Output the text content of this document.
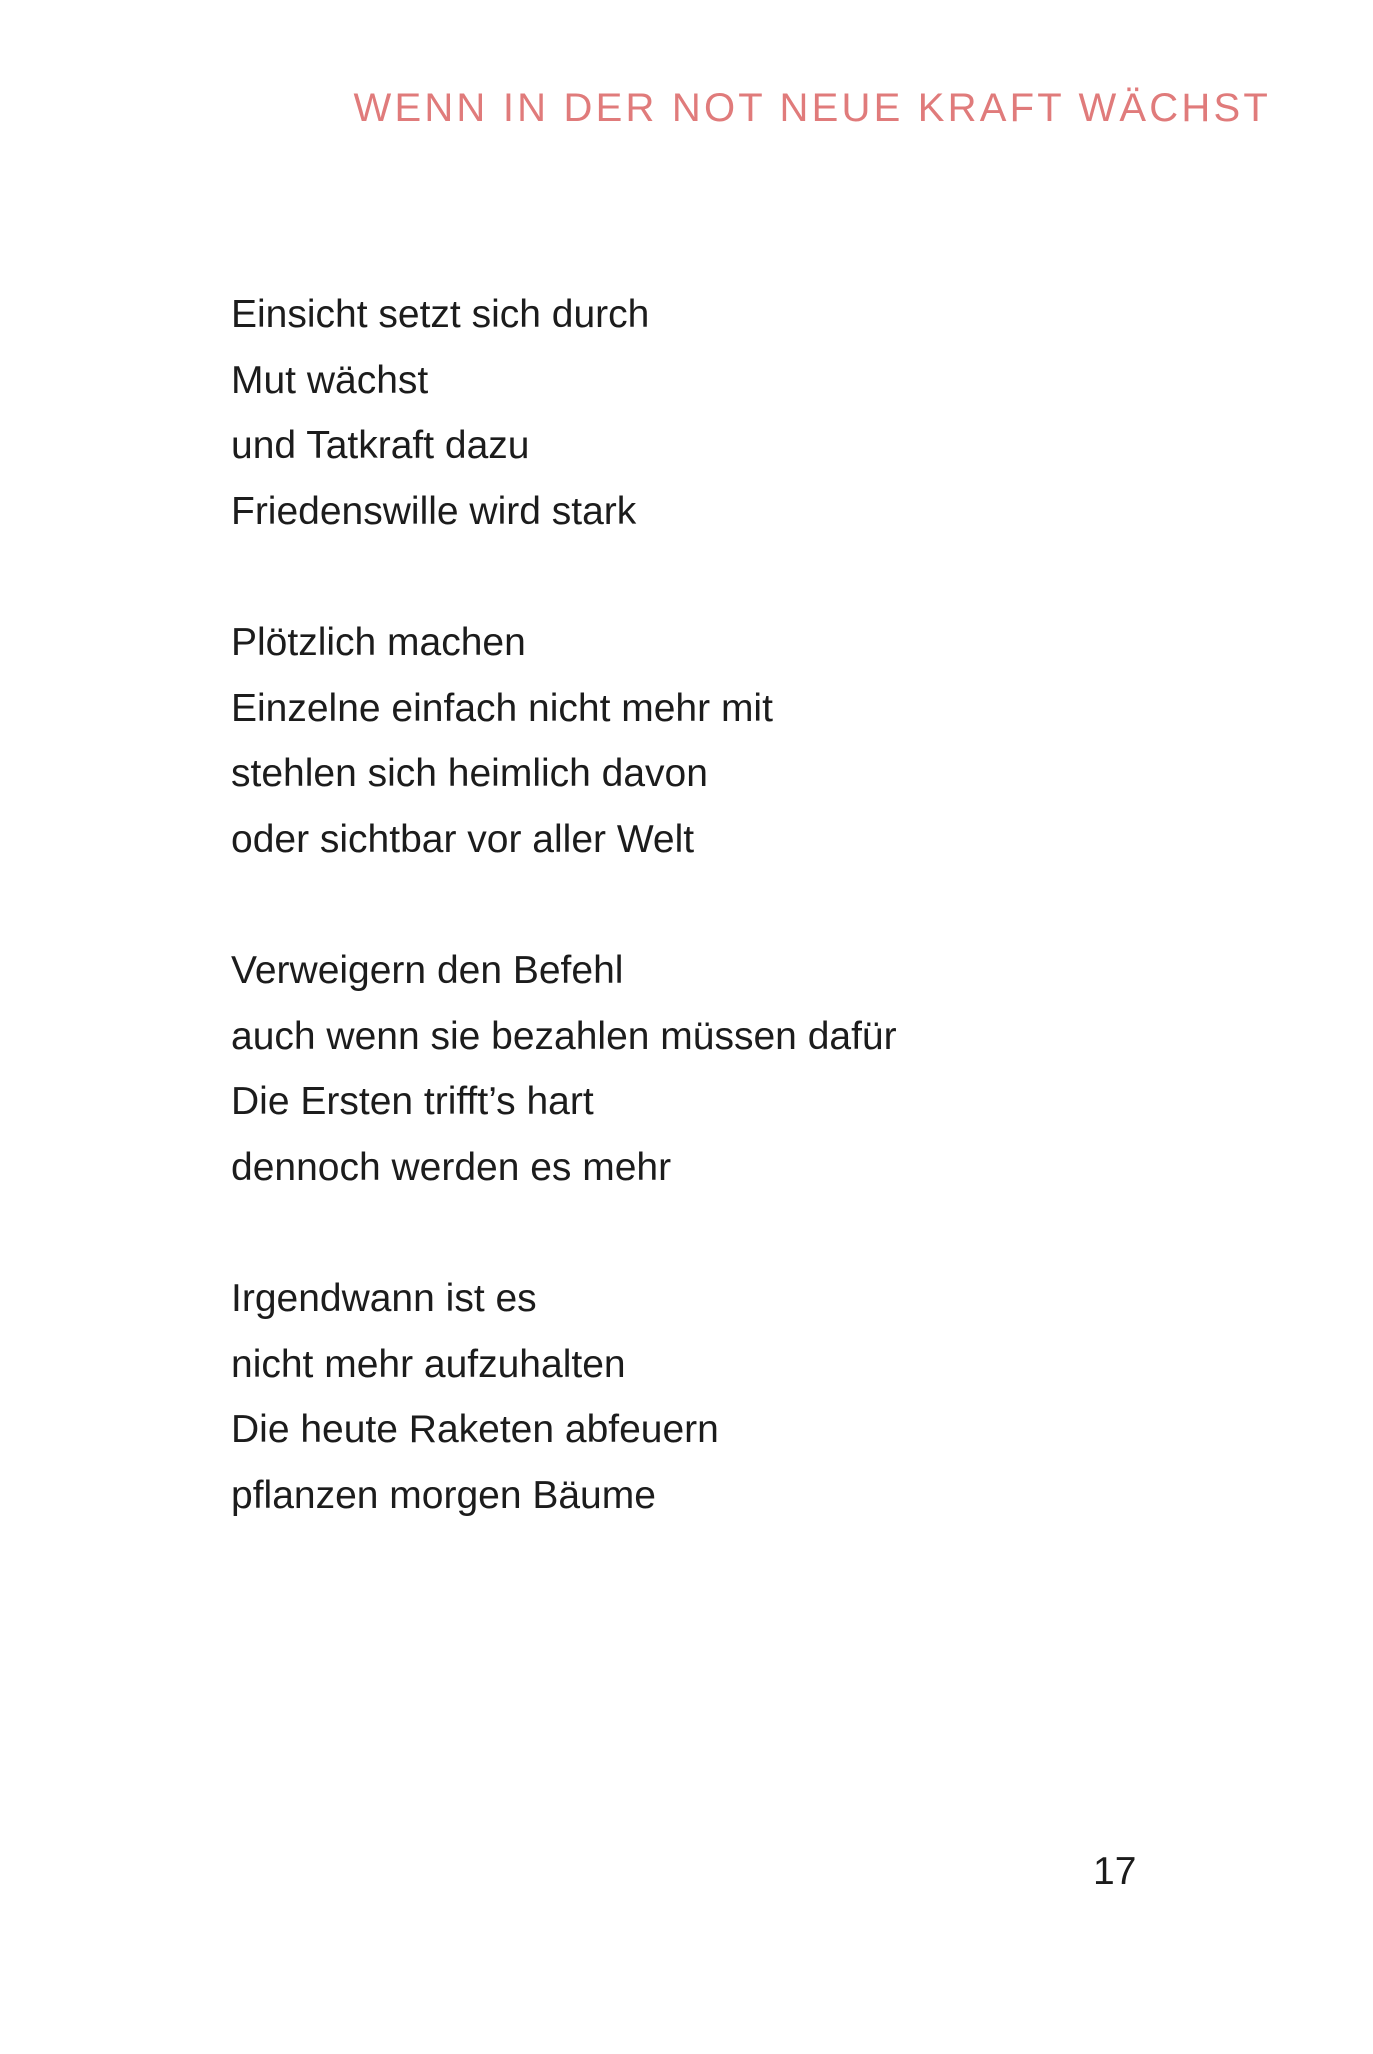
WENN IN DER NOT NEUE KRAFT WÄCHST
Einsicht setzt sich durch
Mut wächst
und Tatkraft dazu
Friedenswille wird stark
Plötzlich machen
Einzelne einfach nicht mehr mit
stehlen sich heimlich davon
oder sichtbar vor aller Welt
Verweigern den Befehl
auch wenn sie bezahlen müssen dafür
Die Ersten trifft’s hart
dennoch werden es mehr
Irgendwann ist es
nicht mehr aufzuhalten
Die heute Raketen abfeuern
pflanzen morgen Bäume
17
